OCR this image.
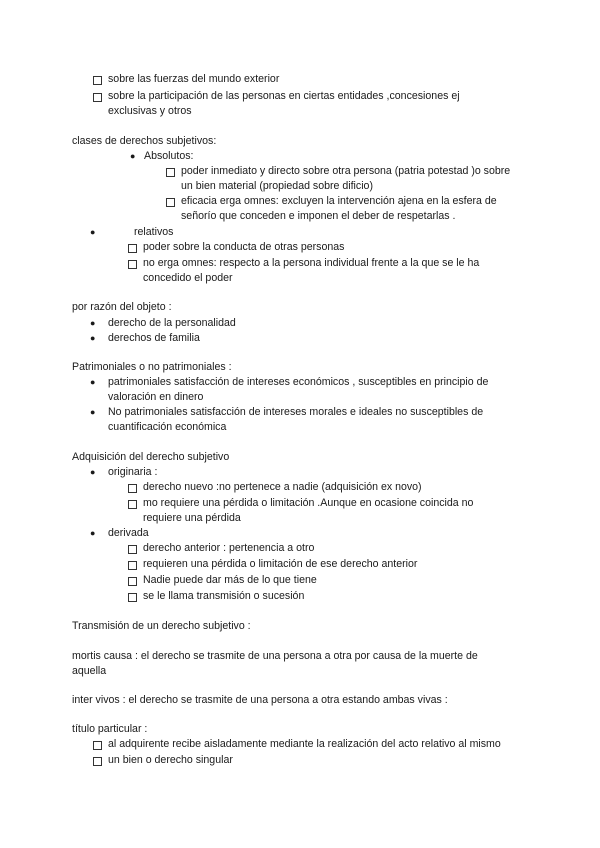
sobre las fuerzas del mundo exterior
sobre la participación de las personas en ciertas entidades ,concesiones ej
exclusivas y otros
clases de derechos subjetivos:
● Absolutos:
poder inmediato y directo sobre otra persona (patria potestad )o sobre
un bien material (propiedad sobre dificio)
eficacia erga omnes: excluyen la intervención ajena en la esfera de
señorío que conceden e imponen el deber de respetarlas .
●	relativos
poder sobre la conducta de otras personas
no erga omnes: respecto a la persona individual frente a la que se le ha
concedido el poder
por razón del objeto :
● derecho de la personalidad
● derechos de familia
Patrimoniales o no patrimoniales :
● patrimoniales satisfacción de intereses económicos , susceptibles en principio de
valoración en dinero
● No patrimoniales satisfacción de intereses morales e ideales no susceptibles de
cuantificación económica
Adquisición del derecho subjetivo
● originaria :
derecho nuevo :no pertenece a nadie (adquisición ex novo)
mo requiere una pérdida o limitación .Aunque en ocasione coincida no
requiere una pérdida
● derivada
derecho anterior : pertenencia a otro
requieren una pérdida o limitación de ese derecho anterior
Nadie puede dar más de lo que tiene
se le llama transmisión o sucesión
Transmisión de un derecho subjetivo :
mortis causa : el derecho se trasmite de una persona a otra por causa de la muerte de
aquella
inter vivos : el derecho se trasmite de una persona a otra estando ambas vivas :
título particular :
al adquirente recibe aisladamente mediante la realización del acto relativo al mismo
un bien o derecho singular
